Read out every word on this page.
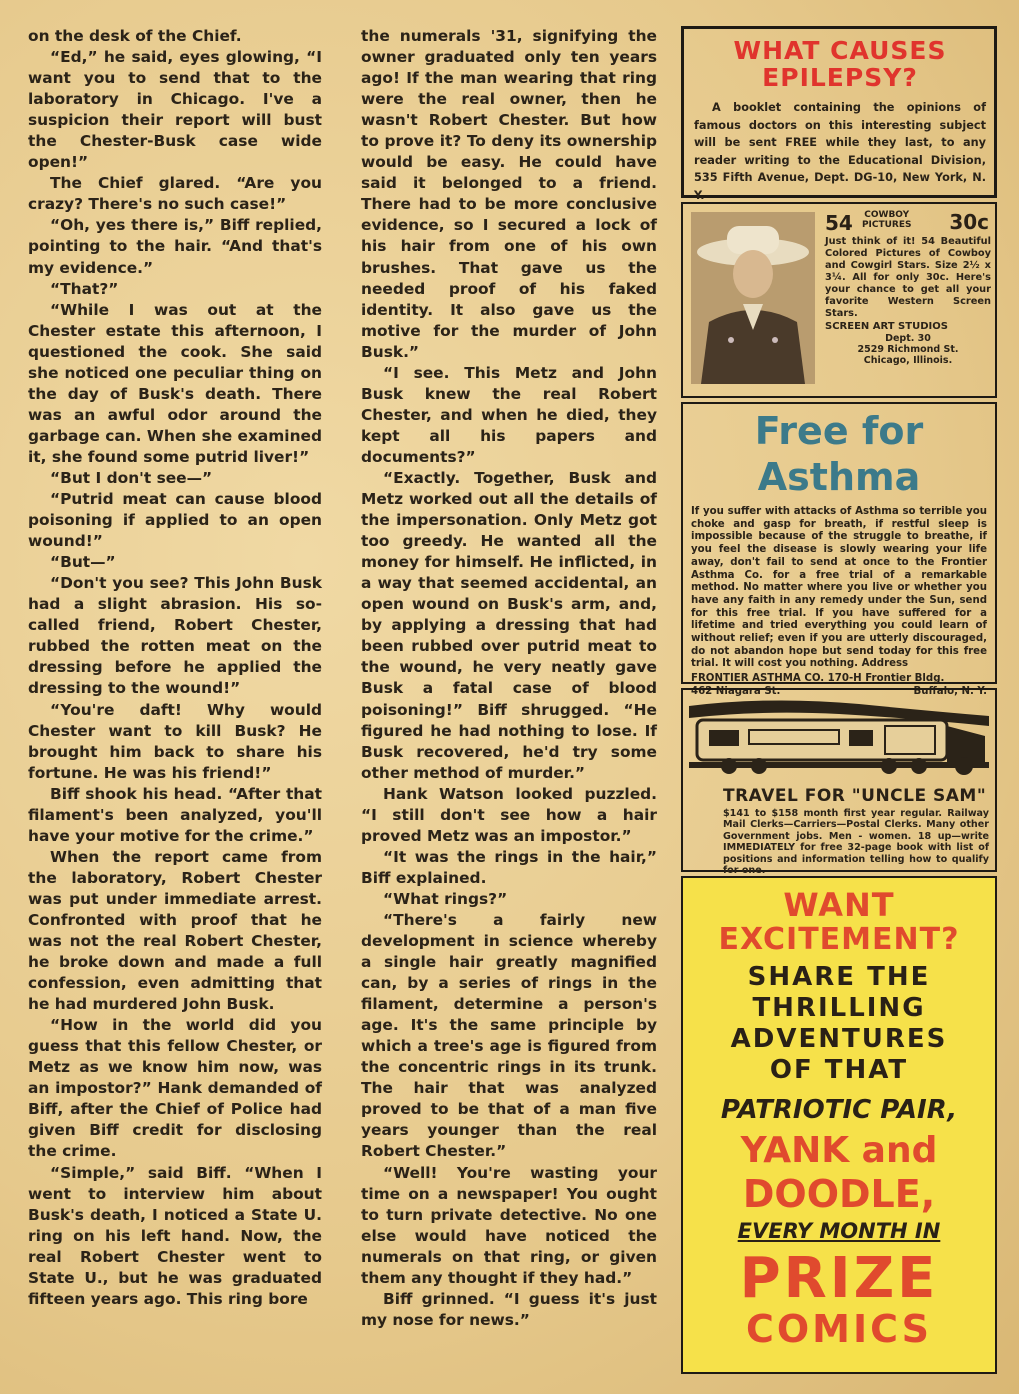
on the desk of the Chief.

“Ed,” he said, eyes glowing, “I want you to send that to the laboratory in Chicago. I've a suspicion their report will bust the Chester-Busk case wide open!”

The Chief glared. “Are you crazy? There's no such case!”

“Oh, yes there is,” Biff replied, pointing to the hair. “And that's my evidence.”

“That?”

“While I was out at the Chester estate this afternoon, I questioned the cook. She said she noticed one peculiar thing on the day of Busk's death. There was an awful odor around the garbage can. When she examined it, she found some putrid liver!”

“But I don't see—”

“Putrid meat can cause blood poisoning if applied to an open wound!”

“But—”

“Don't you see? This John Busk had a slight abrasion. His so-called friend, Robert Chester, rubbed the rotten meat on the dressing before he applied the dressing to the wound!”

“You're daft! Why would Chester want to kill Busk? He brought him back to share his fortune. He was his friend!”

Biff shook his head. “After that filament's been analyzed, you'll have your motive for the crime.”

When the report came from the laboratory, Robert Chester was put under immediate arrest. Confronted with proof that he was not the real Robert Chester, he broke down and made a full confession, even admitting that he had murdered John Busk.

“How in the world did you guess that this fellow Chester, or Metz as we know him now, was an impostor?” Hank demanded of Biff, after the Chief of Police had given Biff credit for disclosing the crime.

“Simple,” said Biff. “When I went to interview him about Busk's death, I noticed a State U. ring on his left hand. Now, the real Robert Chester went to State U., but he was graduated fifteen years ago. This ring bore

the numerals '31, signifying the owner graduated only ten years ago! If the man wearing that ring were the real owner, then he wasn't Robert Chester. But how to prove it? To deny its ownership would be easy. He could have said it belonged to a friend. There had to be more conclusive evidence, so I secured a lock of his hair from one of his own brushes. That gave us the needed proof of his faked identity. It also gave us the motive for the murder of John Busk.”

“I see. This Metz and John Busk knew the real Robert Chester, and when he died, they kept all his papers and documents?”

“Exactly. Together, Busk and Metz worked out all the details of the impersonation. Only Metz got too greedy. He wanted all the money for himself. He inflicted, in a way that seemed accidental, an open wound on Busk's arm, and, by applying a dressing that had been rubbed over putrid meat to the wound, he very neatly gave Busk a fatal case of blood poisoning!” Biff shrugged. “He figured he had nothing to lose. If Busk recovered, he'd try some other method of murder.”

Hank Watson looked puzzled. “I still don't see how a hair proved Metz was an impostor.”

“It was the rings in the hair,” Biff explained.

“What rings?”

“There's a fairly new development in science whereby a single hair greatly magnified can, by a series of rings in the filament, determine a person's age. It's the same principle by which a tree's age is figured from the concentric rings in its trunk. The hair that was analyzed proved to be that of a man five years younger than the real Robert Chester.”

“Well! You're wasting your time on a newspaper! You ought to turn private detective. No one else would have noticed the numerals on that ring, or given them any thought if they had.”

Biff grinned. “I guess it's just my nose for news.”

WHAT CAUSES
EPILEPSY?
A booklet containing the opinions of famous doctors on this interesting subject will be sent FREE while they last, to any reader writing to the Educational Division, 535 Fifth Avenue, Dept. DG-10, New York, N. Y.
54 COWBOY
PICTURES 30c
Just think of it! 54 Beautiful Colored Pictures of Cowboy and Cowgirl Stars. Size 2½ x 3¼. All for only 30c. Here's your chance to get all your favorite Western Screen Stars.
SCREEN ART STUDIOS
Dept. 30
2529 Richmond St.
Chicago, Illinois.
Free for Asthma
If you suffer with attacks of Asthma so terrible you choke and gasp for breath, if restful sleep is impossible because of the struggle to breathe, if you feel the disease is slowly wearing your life away, don't fail to send at once to the Frontier Asthma Co. for a free trial of a remarkable method. No matter where you live or whether you have any faith in any remedy under the Sun, send for this free trial. If you have suffered for a lifetime and tried everything you could learn of without relief; even if you are utterly discouraged, do not abandon hope but send today for this free trial. It will cost you nothing. Address
FRONTIER ASTHMA CO. 170-H Frontier Bldg.
462 Niagara St.	Buffalo, N. Y.
TRAVEL FOR "UNCLE SAM"
$141 to $158 month first year regular. Railway Mail Clerks—Carriers—Postal Clerks. Many other Government jobs. Men - women. 18 up—write IMMEDIATELY for free 32-page book with list of positions and information telling how to qualify for one.
WANT
EXCITEMENT?
SHARE THE
THRILLING
ADVENTURES
OF THAT
PATRIOTIC PAIR,
YANK and
DOODLE,
EVERY MONTH IN
PRIZE
COMICS
